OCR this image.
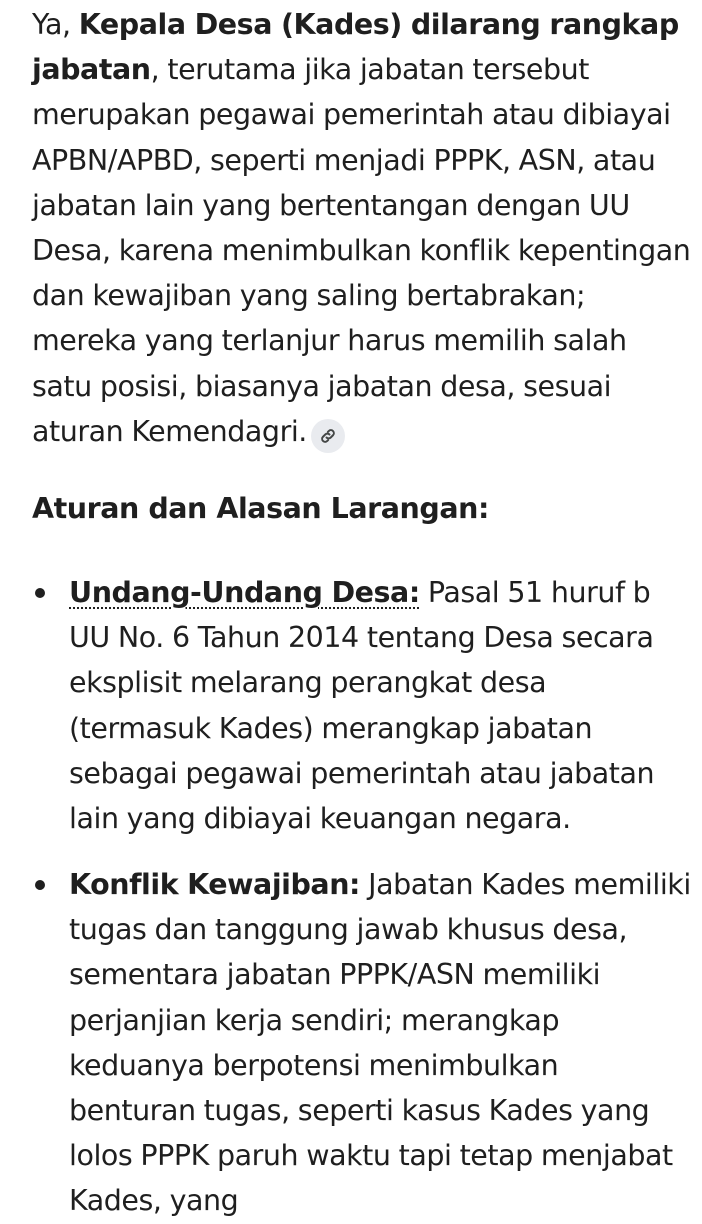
Ya, Kepala Desa (Kades) dilarang rangkap jabatan, terutama jika jabatan tersebut merupakan pegawai pemerintah atau dibiayai APBN/APBD, seperti menjadi PPPK, ASN, atau jabatan lain yang bertentangan dengan UU Desa, karena menimbulkan konflik kepentingan dan kewajiban yang saling bertabrakan; mereka yang terlanjur harus memilih salah satu posisi, biasanya jabatan desa, sesuai aturan Kemendagri.

Aturan dan Alasan Larangan:
Undang-Undang Desa: Pasal 51 huruf b UU No. 6 Tahun 2014 tentang Desa secara eksplisit melarang perangkat desa (termasuk Kades) merangkap jabatan sebagai pegawai pemerintah atau jabatan lain yang dibiayai keuangan negara.
Konflik Kewajiban: Jabatan Kades memiliki tugas dan tanggung jawab khusus desa, sementara jabatan PPPK/ASN memiliki perjanjian kerja sendiri; merangkap keduanya berpotensi menimbulkan benturan tugas, seperti kasus Kades yang lolos PPPK paruh waktu tapi tetap menjabat Kades, yang
